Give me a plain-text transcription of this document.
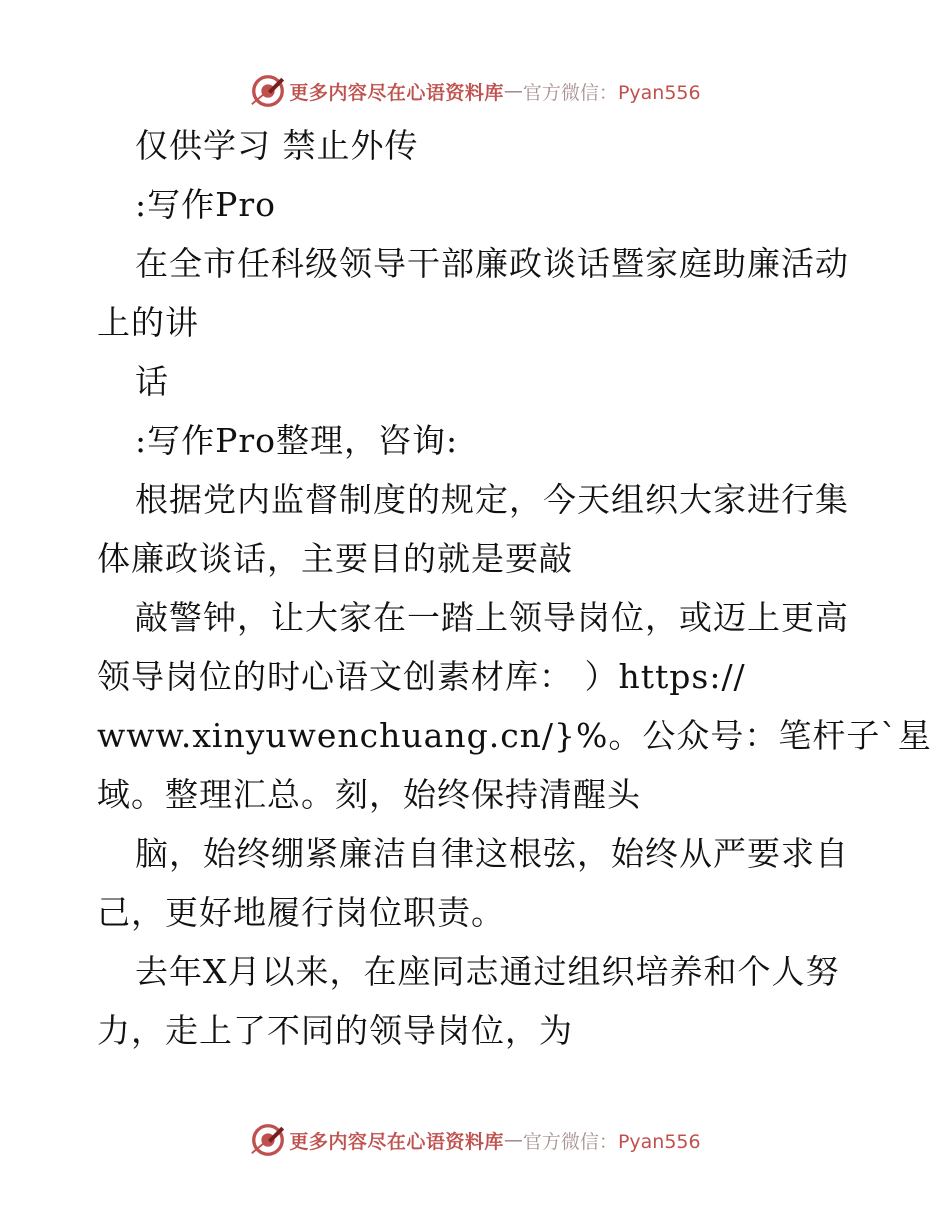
更多内容尽在心语资料库 — 官方微信：Pyan556
仅供学习 禁止外传
:写作Pro
在全市任科级领导干部廉政谈话暨家庭助廉活动
上的讲
话
:写作Pro整理，咨询:
根据党内监督制度的规定，今天组织大家进行集
体廉政谈话，主要目的就是要敲
敲警钟，让大家在一踏上领导岗位，或迈上更高
领导岗位的时心语文创素材库： ）https://
www.xinyuwenchuang.cn/}%。公众号：笔杆子`星
域。整理汇总。刻，始终保持清醒头
脑，始终绷紧廉洁自律这根弦，始终从严要求自
己，更好地履行岗位职责。
去年X月以来，在座同志通过组织培养和个人努
力，走上了不同的领导岗位，为
更多内容尽在心语资料库 — 官方微信：Pyan556
